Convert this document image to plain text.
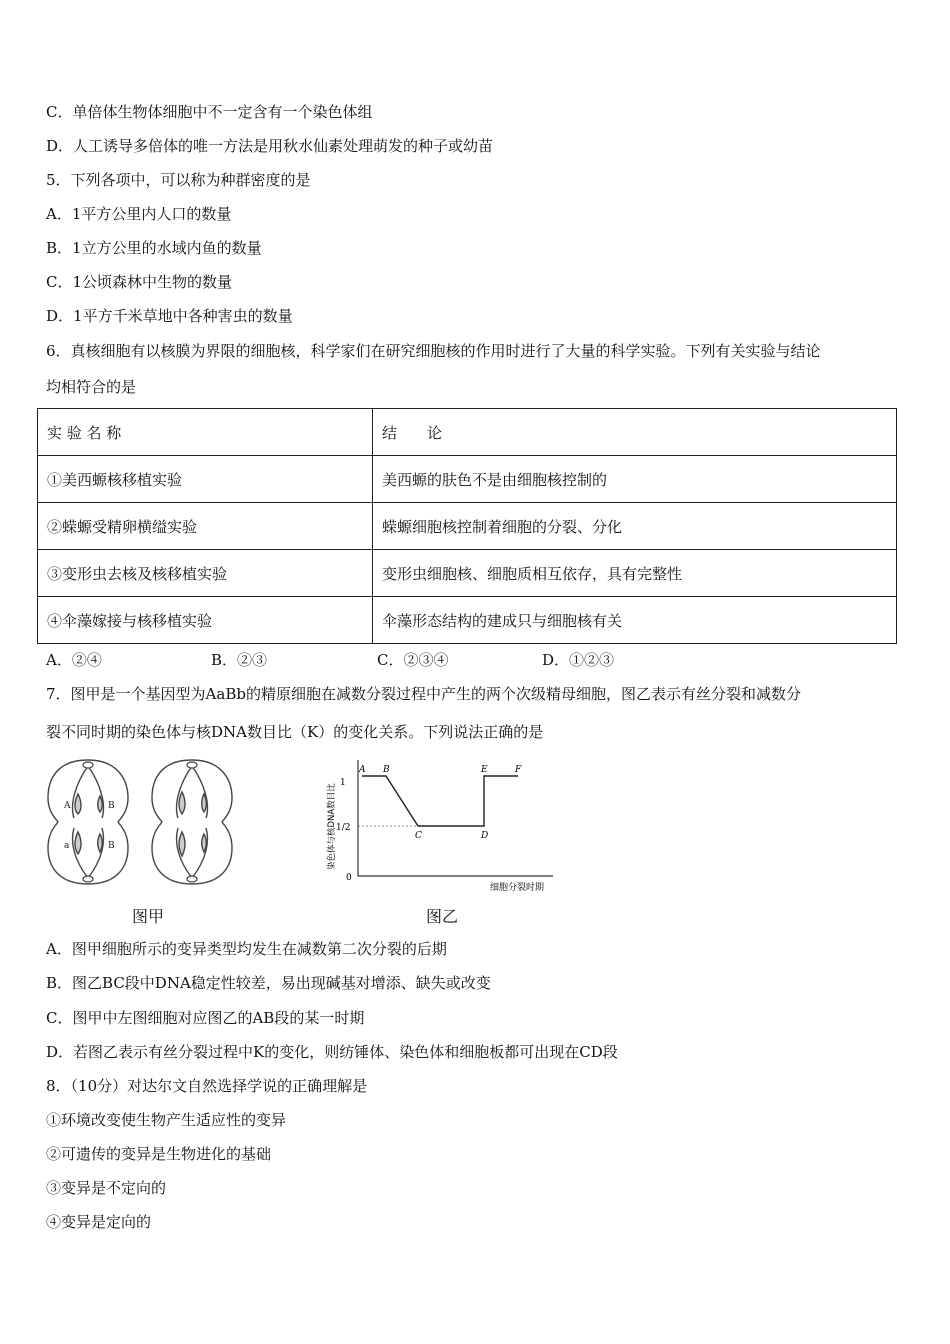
C．单倍体生物体细胞中不一定含有一个染色体组
D．人工诱导多倍体的唯一方法是用秋水仙素处理萌发的种子或幼苗
5．下列各项中，可以称为种群密度的是
A．1平方公里内人口的数量
B．1立方公里的水域内鱼的数量
C．1公顷森林中生物的数量
D．1平方千米草地中各种害虫的数量
6．真核细胞有以核膜为界限的细胞核，科学家们在研究细胞核的作用时进行了大量的科学实验。下列有关实验与结论
均相符合的是
实 验 名 称	结　　论
①美西螈核移植实验	美西螈的肤色不是由细胞核控制的
②蝾螈受精卵横缢实验	蝾螈细胞核控制着细胞的分裂、分化
③变形虫去核及核移植实验	变形虫细胞核、细胞质相互依存，具有完整性
④伞藻嫁接与核移植实验	伞藻形态结构的建成只与细胞核有关
A．②④	B．②③	C．②③④	D．①②③
7．图甲是一个基因型为AaBb的精原细胞在减数分裂过程中产生的两个次级精母细胞，图乙表示有丝分裂和减数分
裂不同时期的染色体与核DNA数目比（K）的变化关系。下列说法正确的是
A	B
a	B
图甲
1
1/2
0
染色体与核DNA数目比
细胞分裂时期
A B
C	D
E	F
图乙
A．图甲细胞所示的变异类型均发生在减数第二次分裂的后期
B．图乙BC段中DNA稳定性较差，易出现碱基对增添、缺失或改变
C．图甲中左图细胞对应图乙的AB段的某一时期
D．若图乙表示有丝分裂过程中K的变化，则纺锤体、染色体和细胞板都可出现在CD段
8．（10分）对达尔文自然选择学说的正确理解是
①环境改变使生物产生适应性的变异
②可遗传的变异是生物进化的基础
③变异是不定向的
④变异是定向的
